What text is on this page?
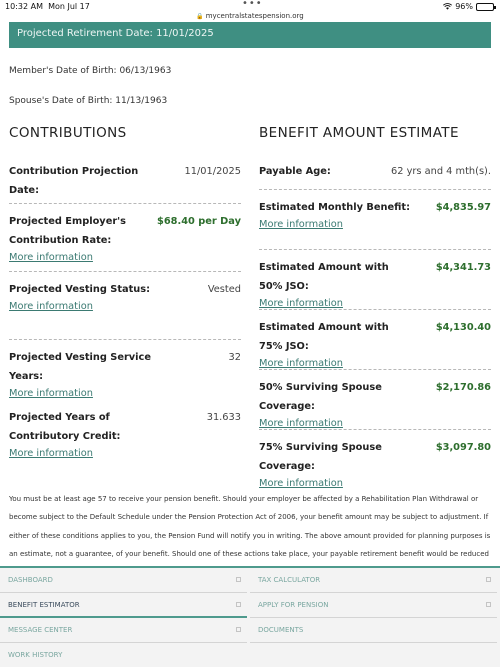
10:32 AM Mon Jul 17	•••	96%
🔒 mycentralstatespension.org
Projected Retirement Date: 11/01/2025
Member's Date of Birth: 06/13/1963
Spouse's Date of Birth: 11/13/1963
CONTRIBUTIONS	BENEFIT AMOUNT ESTIMATE
Contribution Projection Date:
11/01/2025
Projected Employer's Contribution Rate:
$68.40 per Day
More information
Projected Vesting Status:	Vested
More information
Projected Vesting Service Years:
32
More information
Projected Years of Contributory Credit:
31.633
More information
Payable Age:	62 yrs and 4 mth(s).
Estimated Monthly Benefit:	$4,835.97
More information
Estimated Amount with 50% JSO:
$4,341.73
More information
Estimated Amount with 75% JSO:
$4,130.40
More information
50% Surviving Spouse Coverage:
$2,170.86
More information
75% Surviving Spouse Coverage:
$3,097.80
More information
You must be at least age 57 to receive your pension benefit. Should your employer be affected by a Rehabilitation Plan Withdrawal or become subject to the Default Schedule under the Pension Protection Act of 2006, your benefit amount may be subject to adjustment. If either of these conditions applies to you, the Pension Fund will notify you in writing. The above amount provided for planning purposes is an estimate, not a guarantee, of your benefit. Should one of these actions take place, your payable retirement benefit would be reduced
DASHBOARD	TAX CALCULATOR
BENEFIT ESTIMATOR	APPLY FOR PENSION
MESSAGE CENTER	DOCUMENTS
WORK HISTORY
